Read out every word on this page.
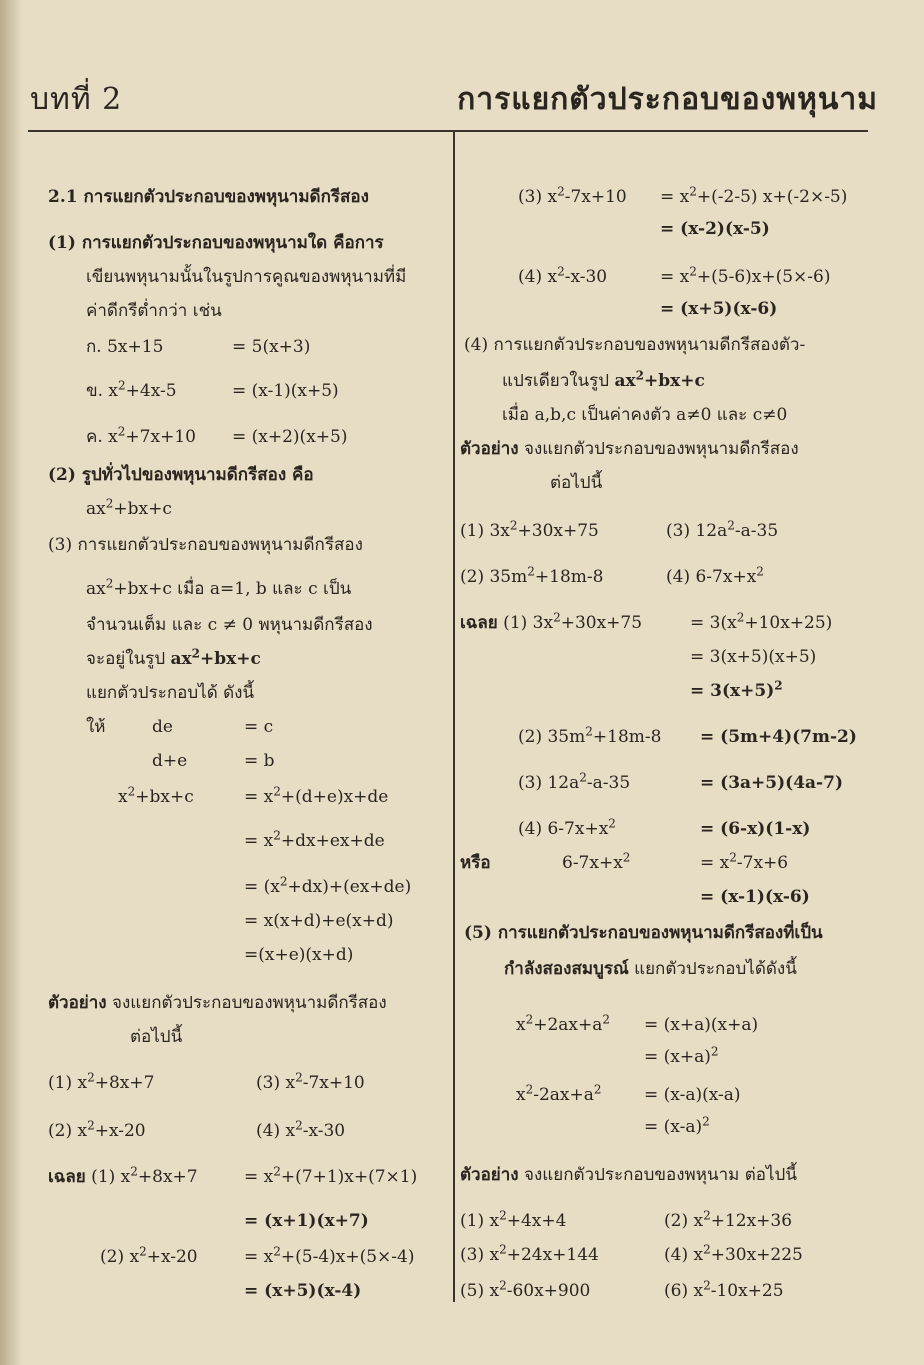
บทที่ 2	การแยกตัวประกอบของพหุนาม
2.1 การแยกตัวประกอบของพหุนามดีกรีสอง
(1) การแยกตัวประกอบของพหุนามใด คือการ
เขียนพหุนามนั้นในรูปการคูณของพหุนามที่มี
ค่าดีกรีต่ำกว่า เช่น
ก. 5x+15	= 5(x+3)
ข. $x^2+4x-5$	= (x-1)(x+5)
ค. $x^2+7x+10 = (x+2)(x+5)$
(2) รูปทั่วไปของพหุนามดีกรีสอง คือ
$ax^2+bx+c$
(3) การแยกตัวประกอบของพหุนามดีกรีสอง
$ax^2+bx+c$ เมื่อ a=1, b และ c เป็น
จำนวนเต็ม และ c ≠ 0 พหุนามดีกรีสอง
จะอยู่ในรูป $ax^2+bx+c$
แยกตัวประกอบได้ ดังนี้
ให้	de	= c
d+e	= b
$x^2+bx+c$	= $x^2+(d+e)x+de$
= $x^2+dx+ex+de$
= $(x^2+dx)+(ex+de)$
= x(x+d)+e(x+d)
=(x+e)(x+d)
ตัวอย่าง จงแยกตัวประกอบของพหุนามดีกรีสอง
ต่อไปนี้
(1) $x^2+8x+7$	(3) $x^2-7x+10$
(2) $x^2+x-20$	(4) $x^2-x-30$
เฉลย (1) $x^2+8x+7$	= $x^2+(7+1)x+(7\times 1)$
= (x+1)(x+7)
(2) $x^2+x-20$	= $x^2+(5-4)x+(5\times-4)$
= (x+5)(x-4)
(3) $x^2-7x+10 = x^2+(-2-5)$ x+(-2×-5)
= (x-2)(x-5)
(4) $x^2-x-30$	= $x^2+(5-6)x+(5\times-6)$
= (x+5)(x-6)
(4) การแยกตัวประกอบของพหุนามดีกรีสองตัว-
แปรเดียวในรูป $ax^2+bx+c$
เมื่อ a,b,c เป็นค่าคงตัว a≠0 และ c≠0
ตัวอย่าง จงแยกตัวประกอบของพหุนามดีกรีสอง
ต่อไปนี้
(1) $3x^2+30x+75$	(3) $12a^2-a-35$
(2) $35m^2+18m-8$	(4) $6-7x+x^2$
เฉลย (1) $3x^2+30x+75$	= $3(x^2+10x+25)$
= 3(x+5)(x+5)
= $3(x+5)^2$
(2) $35m^2+18m-8 = (5m+4)(7m-2)$
(3) $12a^2-a-35$	= (3a+5)(4a-7)
(4) $6-7x+x^2$	= (6-x)(1-x)
หรือ	$6-7x+x^2$	= $x^2-7x+6$
= (x-1)(x-6)
(5) การแยกตัวประกอบของพหุนามดีกรีสองที่เป็น
กำลังสองสมบูรณ์ แยกตัวประกอบได้ดังนี้
$x^2+2ax+a^2 = (x+a)(x+a)$
= $(x+a)^2$
$x^2-2ax+a^2 = (x-a)(x-a)$
= $(x-a)^2$
ตัวอย่าง จงแยกตัวประกอบของพหุนาม ต่อไปนี้
(1) $x^2+4x+4$	(2) $x^2+12x+36$
(3) $x^2+24x+144$	(4) $x^2+30x+225$
(5) $x^2-60x+900$	(6) $x^2-10x+25$
